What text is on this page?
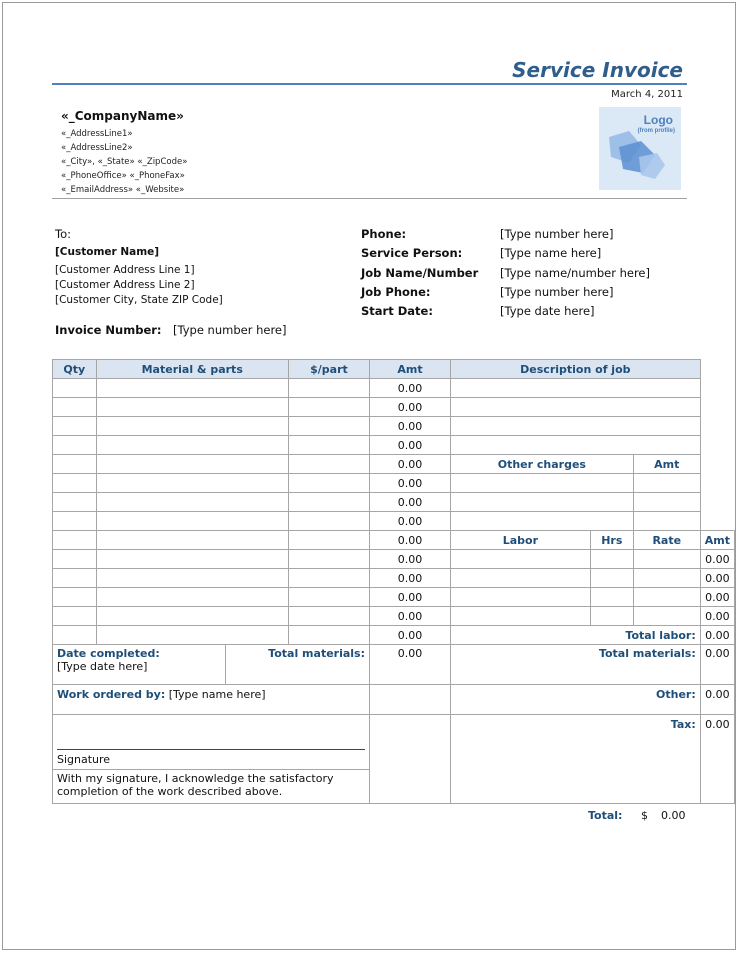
Service Invoice
March 4, 2011
«_CompanyName»
«_AddressLine1»
«_AddressLine2»
«_City», «_State» «_ZipCode»
«_PhoneOffice» «_PhoneFax»
«_EmailAddress» «_Website»
Logo
(from profile)
To:
[Customer Name]
[Customer Address Line 1]
[Customer Address Line 2]
[Customer City, State ZIP Code]
Invoice Number: [Type number here]
Phone:	[Type number here]
Service Person:	[Type name here]
Job Name/Number [Type name/number here]
Job Phone:	[Type number here]
Start Date:	[Type date here]
Qty	Material & parts		$/part	Amt	Description of job			
				0.00				
				0.00				
				0.00				
				0.00				
				0.00	Other charges		Amt	
				0.00				
				0.00				
				0.00				
				0.00	Labor	Hrs	Rate	Amt
				0.00				0.00
				0.00				0.00
				0.00				0.00
				0.00				0.00
				0.00	Total labor:			0.00

Date completed:
[Type date here]		Total materials:		0.00	Total materials:			0.00
Work ordered by: [Type name here]					Other:			0.00

Signature					Tax:			0.00

With my signature, I acknowledge the satisfactory
completion of the work described above.								
Total: $ 0.00
